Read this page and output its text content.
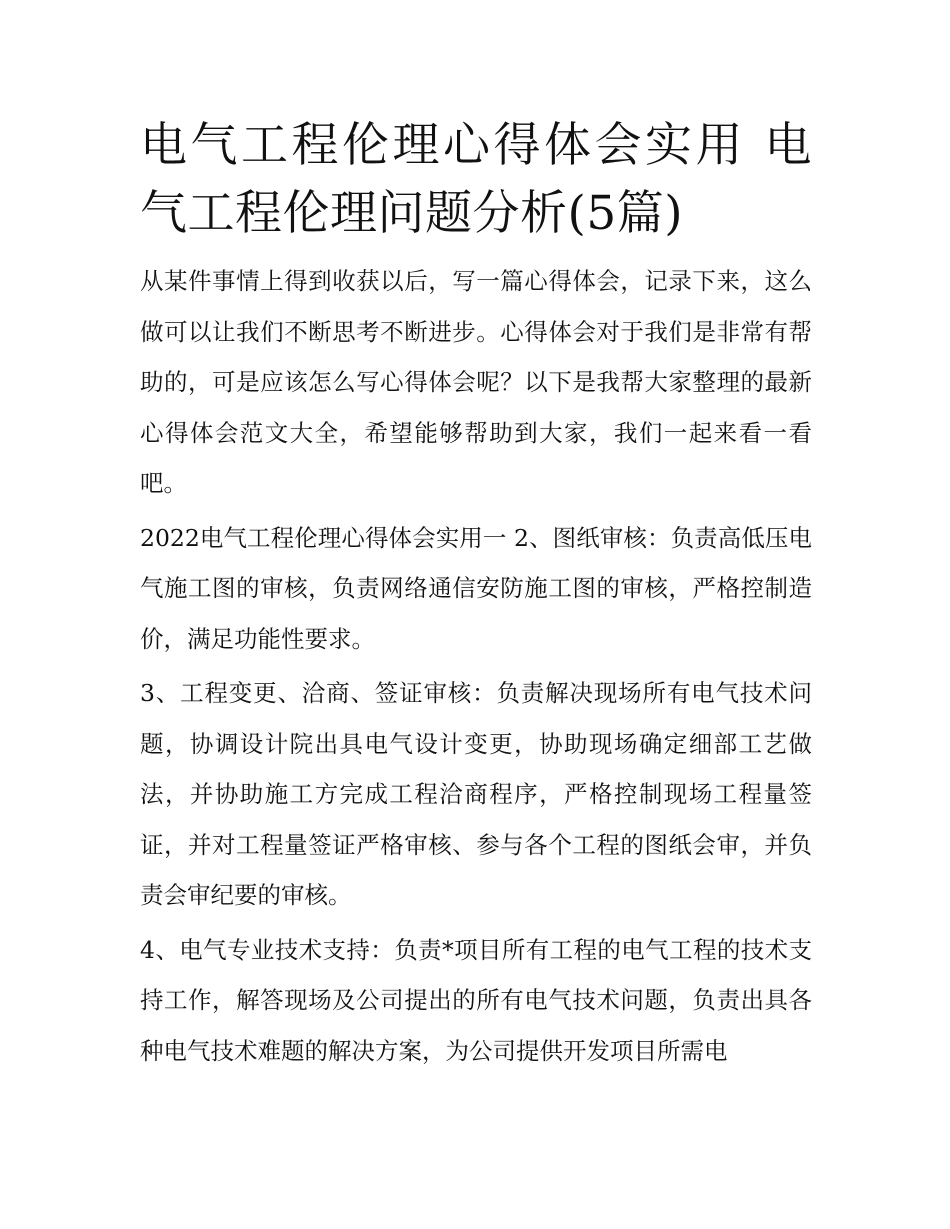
电气工程伦理心得体会实用 电气工程伦理问题分析(5篇)

从某件事情上得到收获以后，写一篇心得体会，记录下来，这么做可以让我们不断思考不断进步。心得体会对于我们是非常有帮助的，可是应该怎么写心得体会呢？以下是我帮大家整理的最新心得体会范文大全，希望能够帮助到大家，我们一起来看一看吧。

2022电气工程伦理心得体会实用一 2、图纸审核：负责高低压电气施工图的审核，负责网络通信安防施工图的审核，严格控制造价，满足功能性要求。

3、工程变更、洽商、签证审核：负责解决现场所有电气技术问题，协调设计院出具电气设计变更，协助现场确定细部工艺做法，并协助施工方完成工程洽商程序，严格控制现场工程量签证，并对工程量签证严格审核、参与各个工程的图纸会审，并负责会审纪要的审核。

4、电气专业技术支持：负责*项目所有工程的电气工程的技术支持工作，解答现场及公司提出的所有电气技术问题，负责出具各种电气技术难题的解决方案，为公司提供开发项目所需电
